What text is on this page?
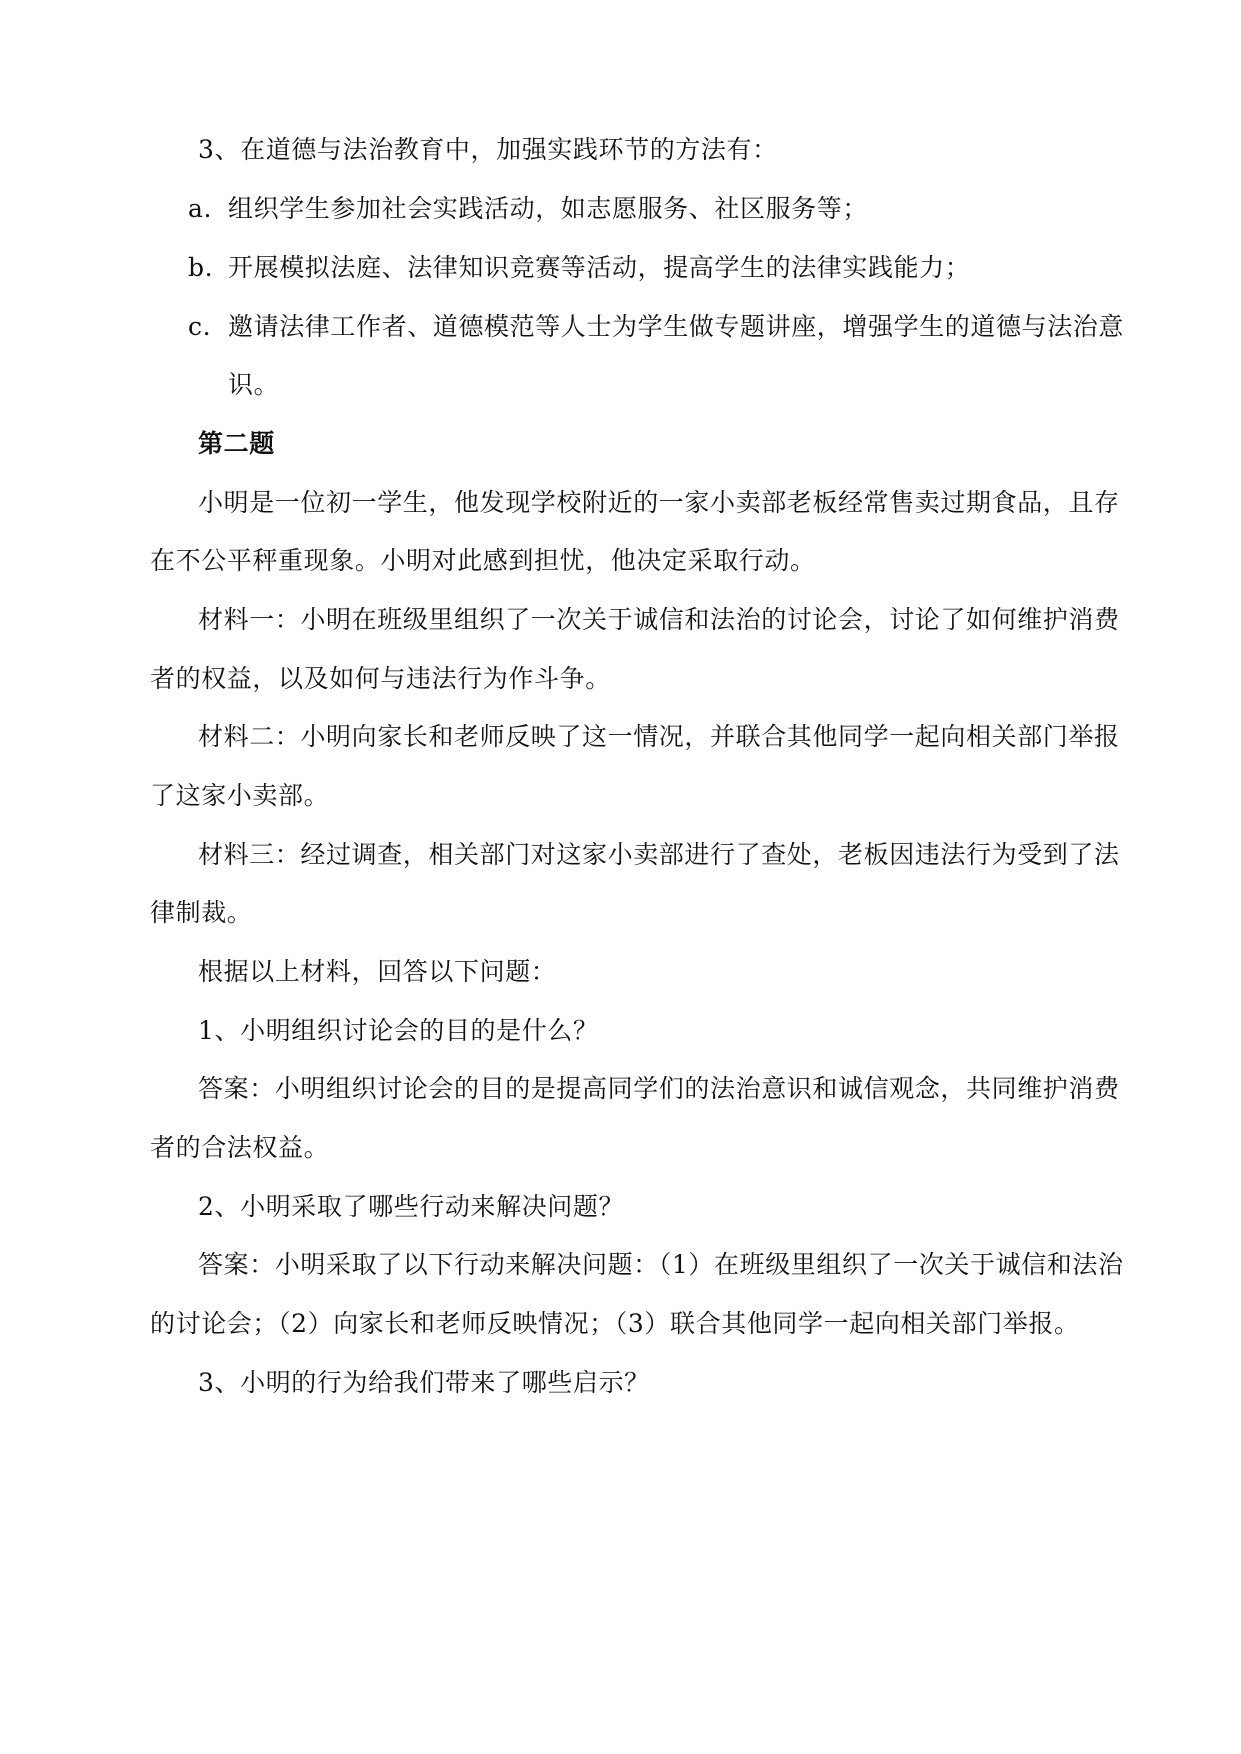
3、在道德与法治教育中，加强实践环节的方法有：
a. 组织学生参加社会实践活动，如志愿服务、社区服务等；
b. 开展模拟法庭、法律知识竞赛等活动，提高学生的法律实践能力；
c. 邀请法律工作者、道德模范等人士为学生做专题讲座，增强学生的道德与法治意
识。
第二题
小明是一位初一学生，他发现学校附近的一家小卖部老板经常售卖过期食品，且存
在不公平秤重现象。小明对此感到担忧，他决定采取行动。
材料一：小明在班级里组织了一次关于诚信和法治的讨论会，讨论了如何维护消费
者的权益，以及如何与违法行为作斗争。
材料二：小明向家长和老师反映了这一情况，并联合其他同学一起向相关部门举报
了这家小卖部。
材料三：经过调查，相关部门对这家小卖部进行了查处，老板因违法行为受到了法
律制裁。
根据以上材料，回答以下问题：
1、小明组织讨论会的目的是什么？
答案：小明组织讨论会的目的是提高同学们的法治意识和诚信观念，共同维护消费
者的合法权益。
2、小明采取了哪些行动来解决问题？
答案：小明采取了以下行动来解决问题：（1）在班级里组织了一次关于诚信和法治
的讨论会；（2）向家长和老师反映情况；（3）联合其他同学一起向相关部门举报。
3、小明的行为给我们带来了哪些启示？
